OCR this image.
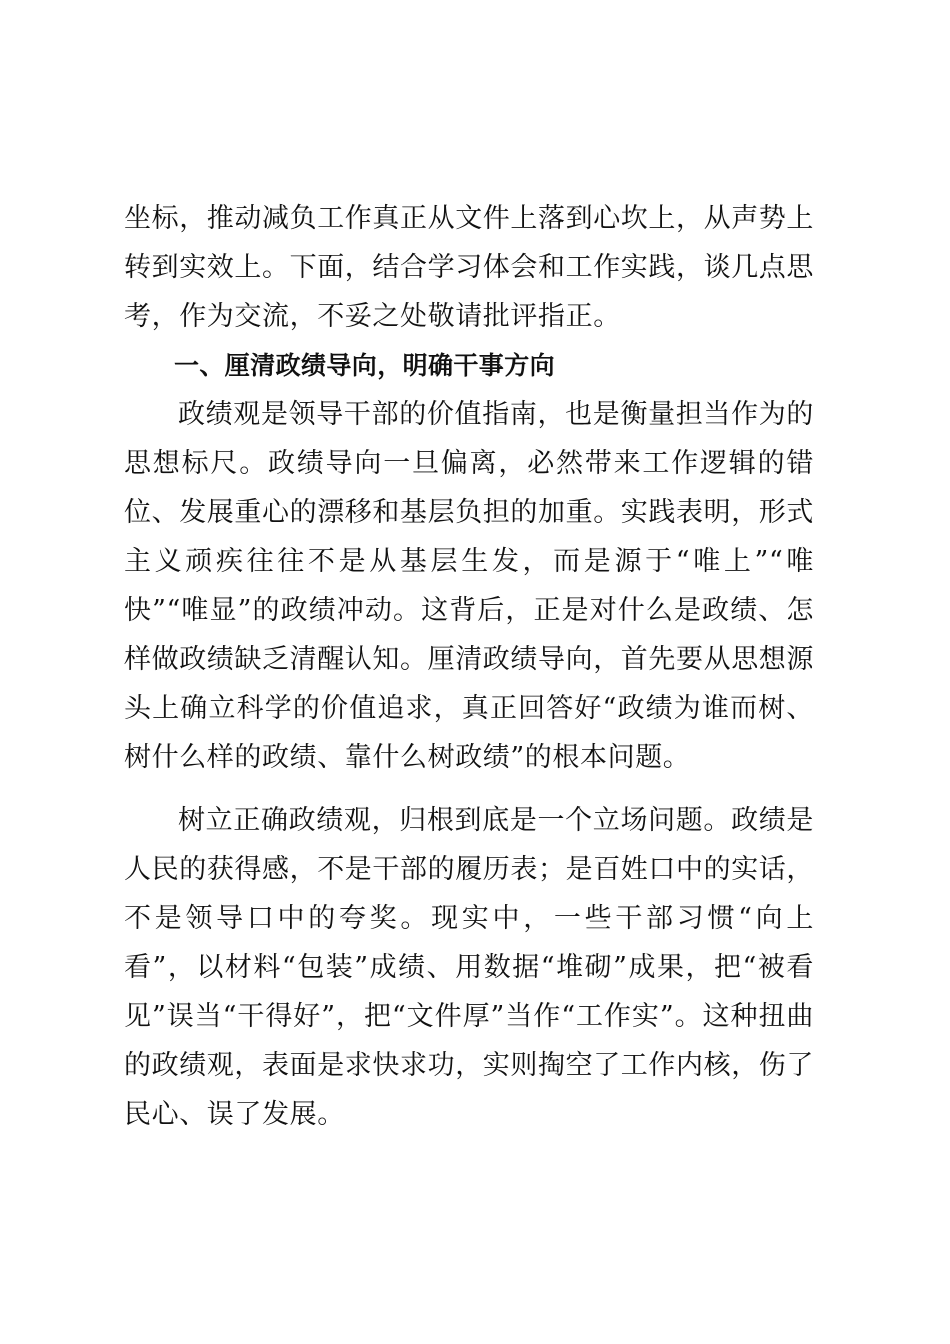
坐标，推动减负工作真正从文件上落到心坎上，从声势上转到实效上。下面，结合学习体会和工作实践，谈几点思考，作为交流，不妥之处敬请批评指正。

一、厘清政绩导向，明确干事方向

政绩观是领导干部的价值指南，也是衡量担当作为的思想标尺。政绩导向一旦偏离，必然带来工作逻辑的错位、发展重心的漂移和基层负担的加重。实践表明，形式主义顽疾往往不是从基层生发，而是源于“唯上”“唯快”“唯显”的政绩冲动。这背后，正是对什么是政绩、怎样做政绩缺乏清醒认知。厘清政绩导向，首先要从思想源头上确立科学的价值追求，真正回答好“政绩为谁而树、树什么样的政绩、靠什么树政绩”的根本问题。

树立正确政绩观，归根到底是一个立场问题。政绩是人民的获得感，不是干部的履历表；是百姓口中的实话，不是领导口中的夸奖。现实中，一些干部习惯“向上看”，以材料“包装”成绩、用数据“堆砌”成果，把“被看见”误当“干得好”，把“文件厚”当作“工作实”。这种扭曲的政绩观，表面是求快求功，实则掏空了工作内核，伤了民心、误了发展。
